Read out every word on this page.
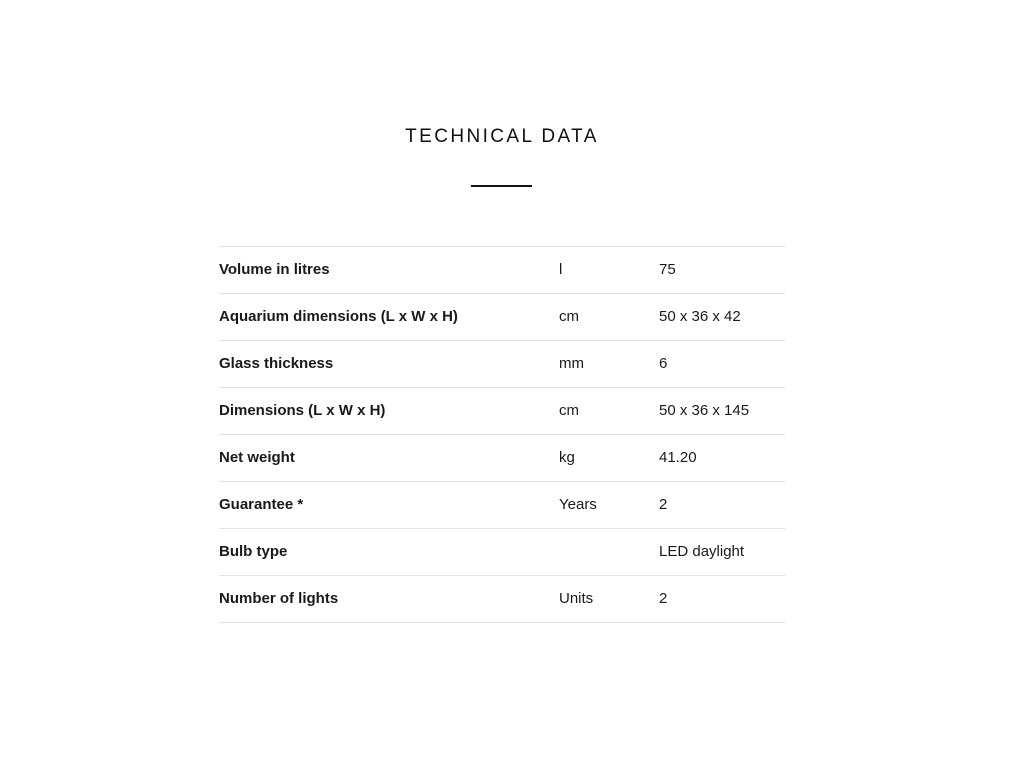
TECHNICAL DATA
Volume in litres	l	75
Aquarium dimensions (L x W x H)	cm	50 x 36 x 42
Glass thickness	mm	6
Dimensions (L x W x H)	cm	50 x 36 x 145
Net weight	kg	41.20
Guarantee *	Years	2
Bulb type		LED daylight
Number of lights	Units	2
